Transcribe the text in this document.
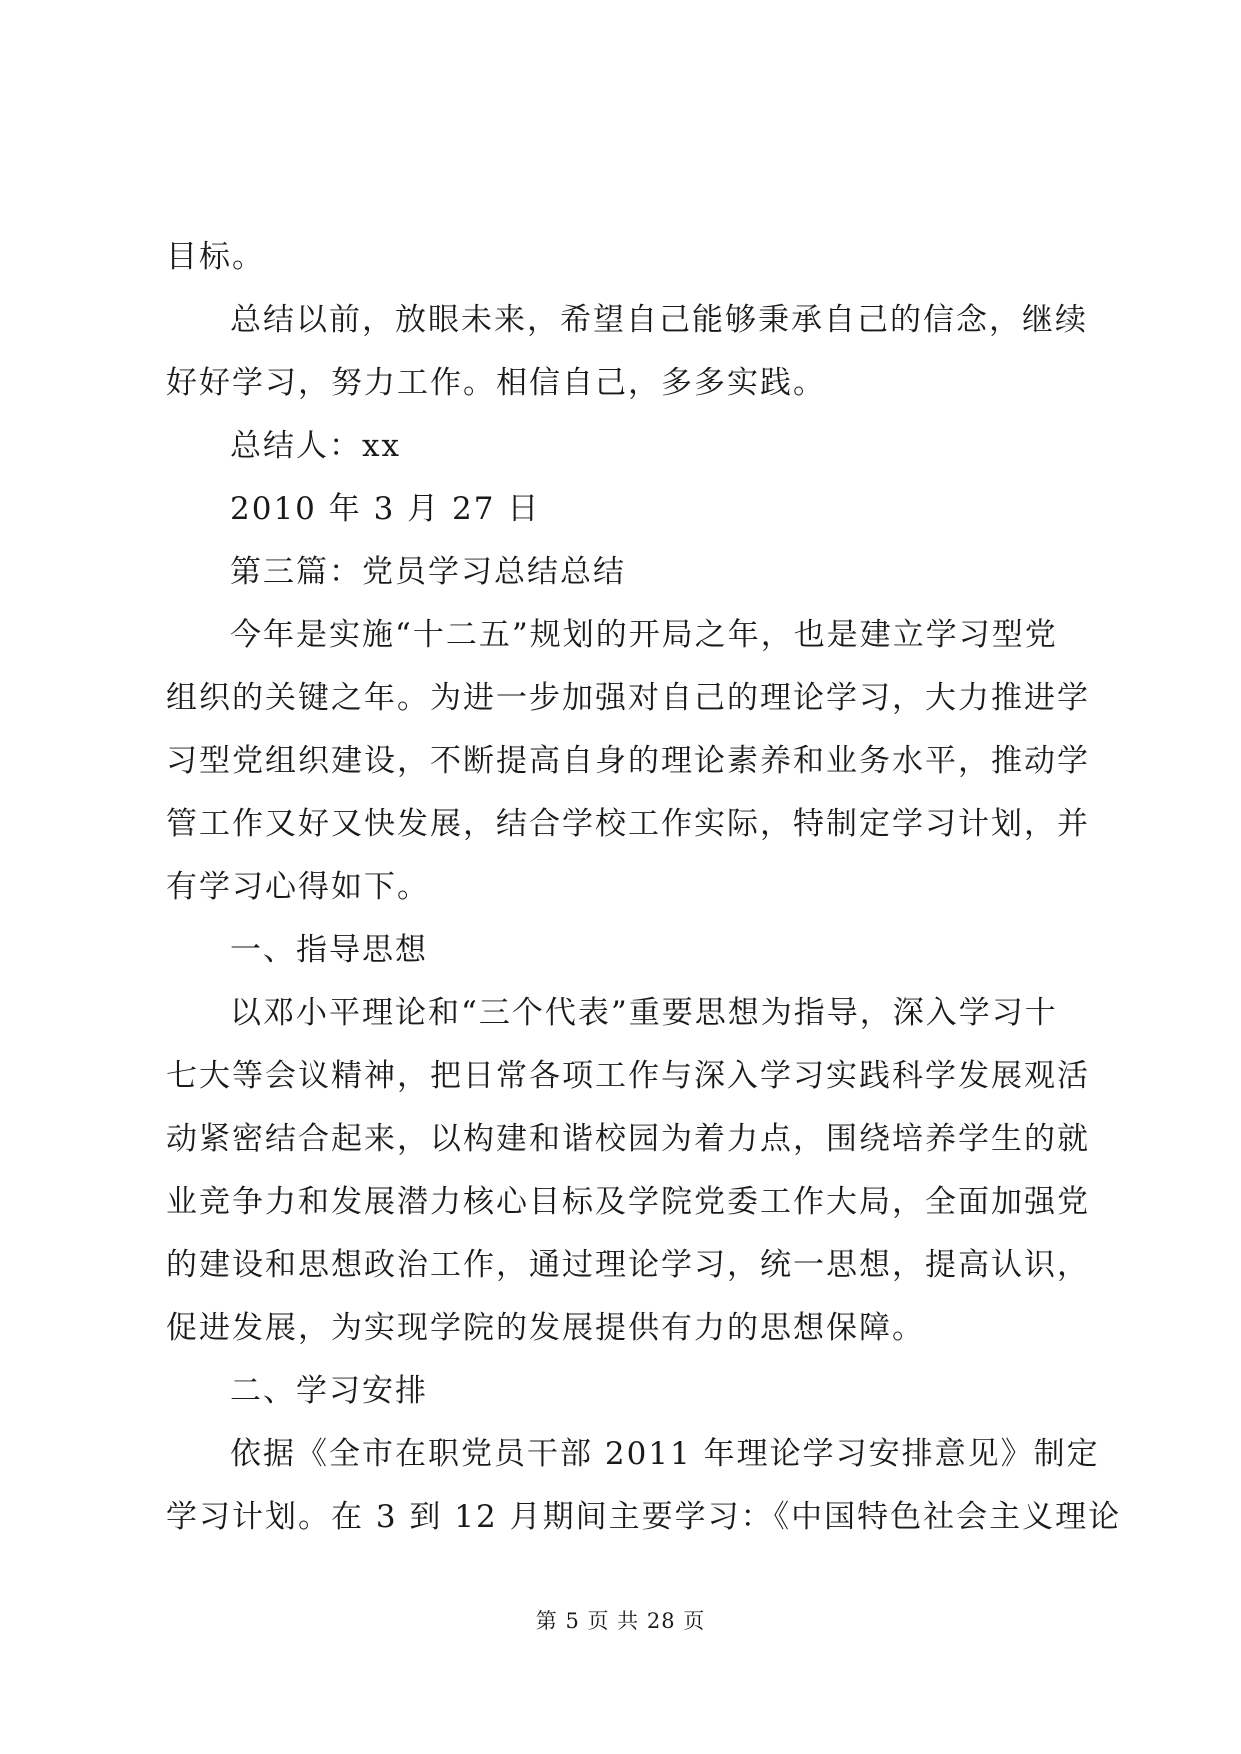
目标。
总结以前，放眼未来，希望自己能够秉承自己的信念，继续
好好学习，努力工作。相信自己，多多实践。
总结人：xx
2010 年 3 月 27 日
第三篇：党员学习总结总结
今年是实施“十二五”规划的开局之年，也是建立学习型党
组织的关键之年。为进一步加强对自己的理论学习，大力推进学
习型党组织建设，不断提高自身的理论素养和业务水平，推动学
管工作又好又快发展，结合学校工作实际，特制定学习计划，并
有学习心得如下。
一、指导思想
以邓小平理论和“三个代表”重要思想为指导，深入学习十
七大等会议精神，把日常各项工作与深入学习实践科学发展观活
动紧密结合起来，以构建和谐校园为着力点，围绕培养学生的就
业竞争力和发展潜力核心目标及学院党委工作大局，全面加强党
的建设和思想政治工作，通过理论学习，统一思想，提高认识，
促进发展，为实现学院的发展提供有力的思想保障。
二、学习安排
依据《全市在职党员干部 2011 年理论学习安排意见》制定
学习计划。在 3 到 12 月期间主要学习：《中国特色社会主义理论
第 5 页 共 28 页
